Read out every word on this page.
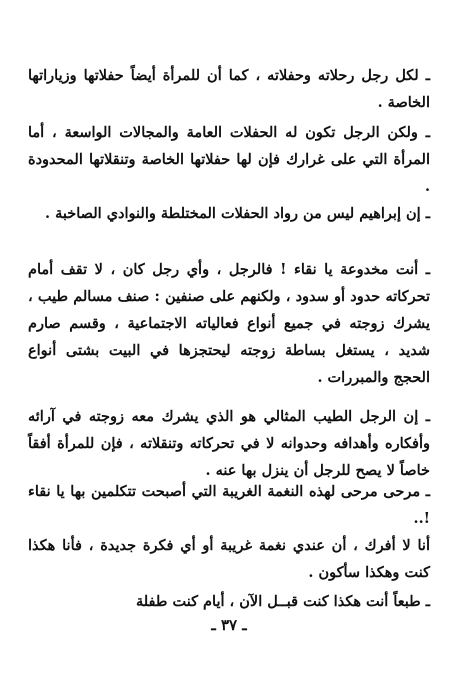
ـ لكل رجل رحلاته وحفلاته ، كما أن للمرأة أيضاً حفلاتها وزياراتها الخاصة .

ـ ولكن الرجل تكون له الحفلات العامة والمجالات الواسعة ، أما المرأة التي على غرارك فإن لها حفلاتها الخاصة وتنقلاتها المحدودة .

ـ إن إبراهيم ليس من رواد الحفلات المختلطة والنوادي الصاخبة .

ـ أنت مخدوعة يا نقاء ! فالرجل ، وأي رجل كان ، لا تقف أمام تحركاته حدود أو سدود ، ولكنهم على صنفين : صنف مسالم طيب ، يشرك زوجته في جميع أنواع فعالياته الاجتماعية ، وقسم صارم شديد ، يستغل بساطة زوجته ليحتجزها في البيت بشتى أنواع الحجج والمبررات .

ـ إن الرجل الطيب المثالي هو الذي يشرك معه زوجته في آرائه وأفكاره وأهدافه وحدوانه لا في تحركاته وتنقلاته ، فإن للمرأة أفقاً خاصاً لا يصح للرجل أن ينزل بها عنه .

ـ مرحى مرحى لهذه النغمة الغريبة التي أصبحت تتكلمين بها يا نقاء !..

أنا لا أفرك ، أن عندي نغمة غريبة أو أي فكرة جديدة ، فأنا هكذا كنت وهكذا سأكون .

ـ طبعاً أنت هكذا كنت قبــل الآن ، أيام كنت طفلة

ـ ٣٧ ـ
